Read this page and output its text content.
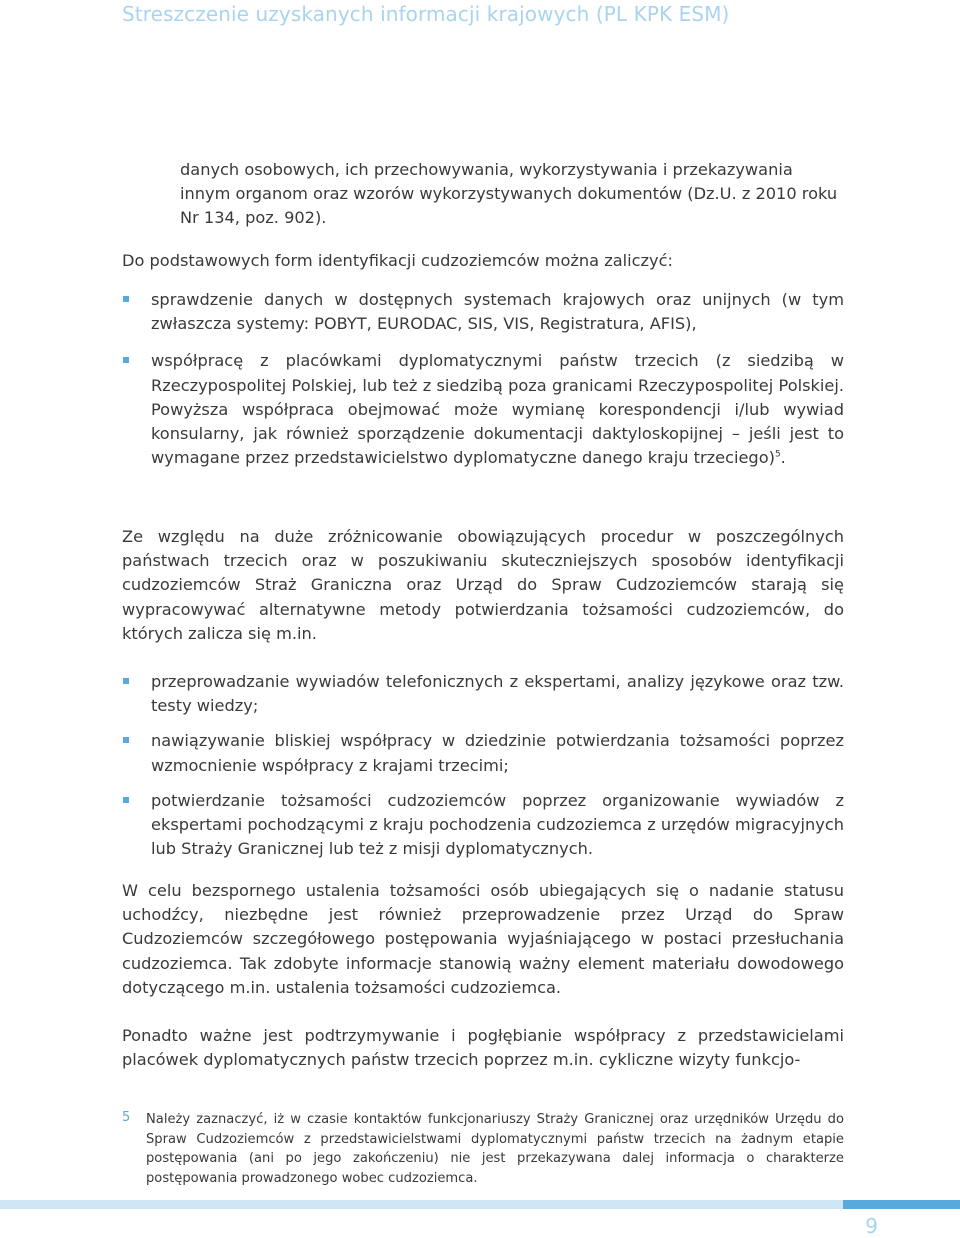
Streszczenie uzyskanych informacji krajowych (PL KPK ESM)

danych osobowych, ich przechowywania, wykorzystywania i przekazywania innym organom oraz wzorów wykorzystywanych dokumentów (Dz.U. z 2010 roku Nr 134, poz. 902).

Do podstawowych form identyfikacji cudzoziemców można zaliczyć:

sprawdzenie danych w dostępnych systemach krajowych oraz unijnych (w tym zwłaszcza systemy: POBYT, EURODAC, SIS, VIS, Registratura, AFIS),
współpracę z placówkami dyplomatycznymi państw trzecich (z siedzibą w Rzeczypospolitej Polskiej, lub też z siedzibą poza granicami Rzeczypospolitej Polskiej. Powyższa współpraca obejmować może wymianę korespondencji i/lub wywiad konsularny, jak również sporządzenie dokumentacji daktyloskopijnej – jeśli jest to wymagane przez przedstawicielstwo dyplomatyczne danego kraju trzeciego)$^5$.

Ze względu na duże zróżnicowanie obowiązujących procedur w poszczególnych państwach trzecich oraz w poszukiwaniu skuteczniejszych sposobów identyfikacji cudzoziemców Straż Graniczna oraz Urząd do Spraw Cudzoziemców starają się wypracowywać alternatywne metody potwierdzania tożsamości cudzoziemców, do których zalicza się m.in.

przeprowadzanie wywiadów telefonicznych z ekspertami, analizy językowe oraz tzw. testy wiedzy;
nawiązywanie bliskiej współpracy w dziedzinie potwierdzania tożsamości poprzez wzmocnienie współpracy z krajami trzecimi;
potwierdzanie tożsamości cudzoziemców poprzez organizowanie wywiadów z ekspertami pochodzącymi z kraju pochodzenia cudzoziemca z urzędów migracyjnych lub Straży Granicznej lub też z misji dyplomatycznych.

W celu bezspornego ustalenia tożsamości osób ubiegających się o nadanie statusu uchodźcy, niezbędne jest również przeprowadzenie przez Urząd do Spraw Cudzoziemców szczegółowego postępowania wyjaśniającego w postaci przesłuchania cudzoziemca. Tak zdobyte informacje stanowią ważny element materiału dowodowego dotyczącego m.in. ustalenia tożsamości cudzoziemca.

Ponadto ważne jest podtrzymywanie i pogłębianie współpracy z przedstawicielami placówek dyplomatycznych państw trzecich poprzez m.in. cykliczne wizyty funkcjo-

5 Należy zaznaczyć, iż w czasie kontaktów funkcjonariuszy Straży Granicznej oraz urzędników Urzędu do Spraw Cudzoziemców z przedstawicielstwami dyplomatycznymi państw trzecich na żadnym etapie postępowania (ani po jego zakończeniu) nie jest przekazywana dalej informacja o charakterze postępowania prowadzonego wobec cudzoziemca.
9
